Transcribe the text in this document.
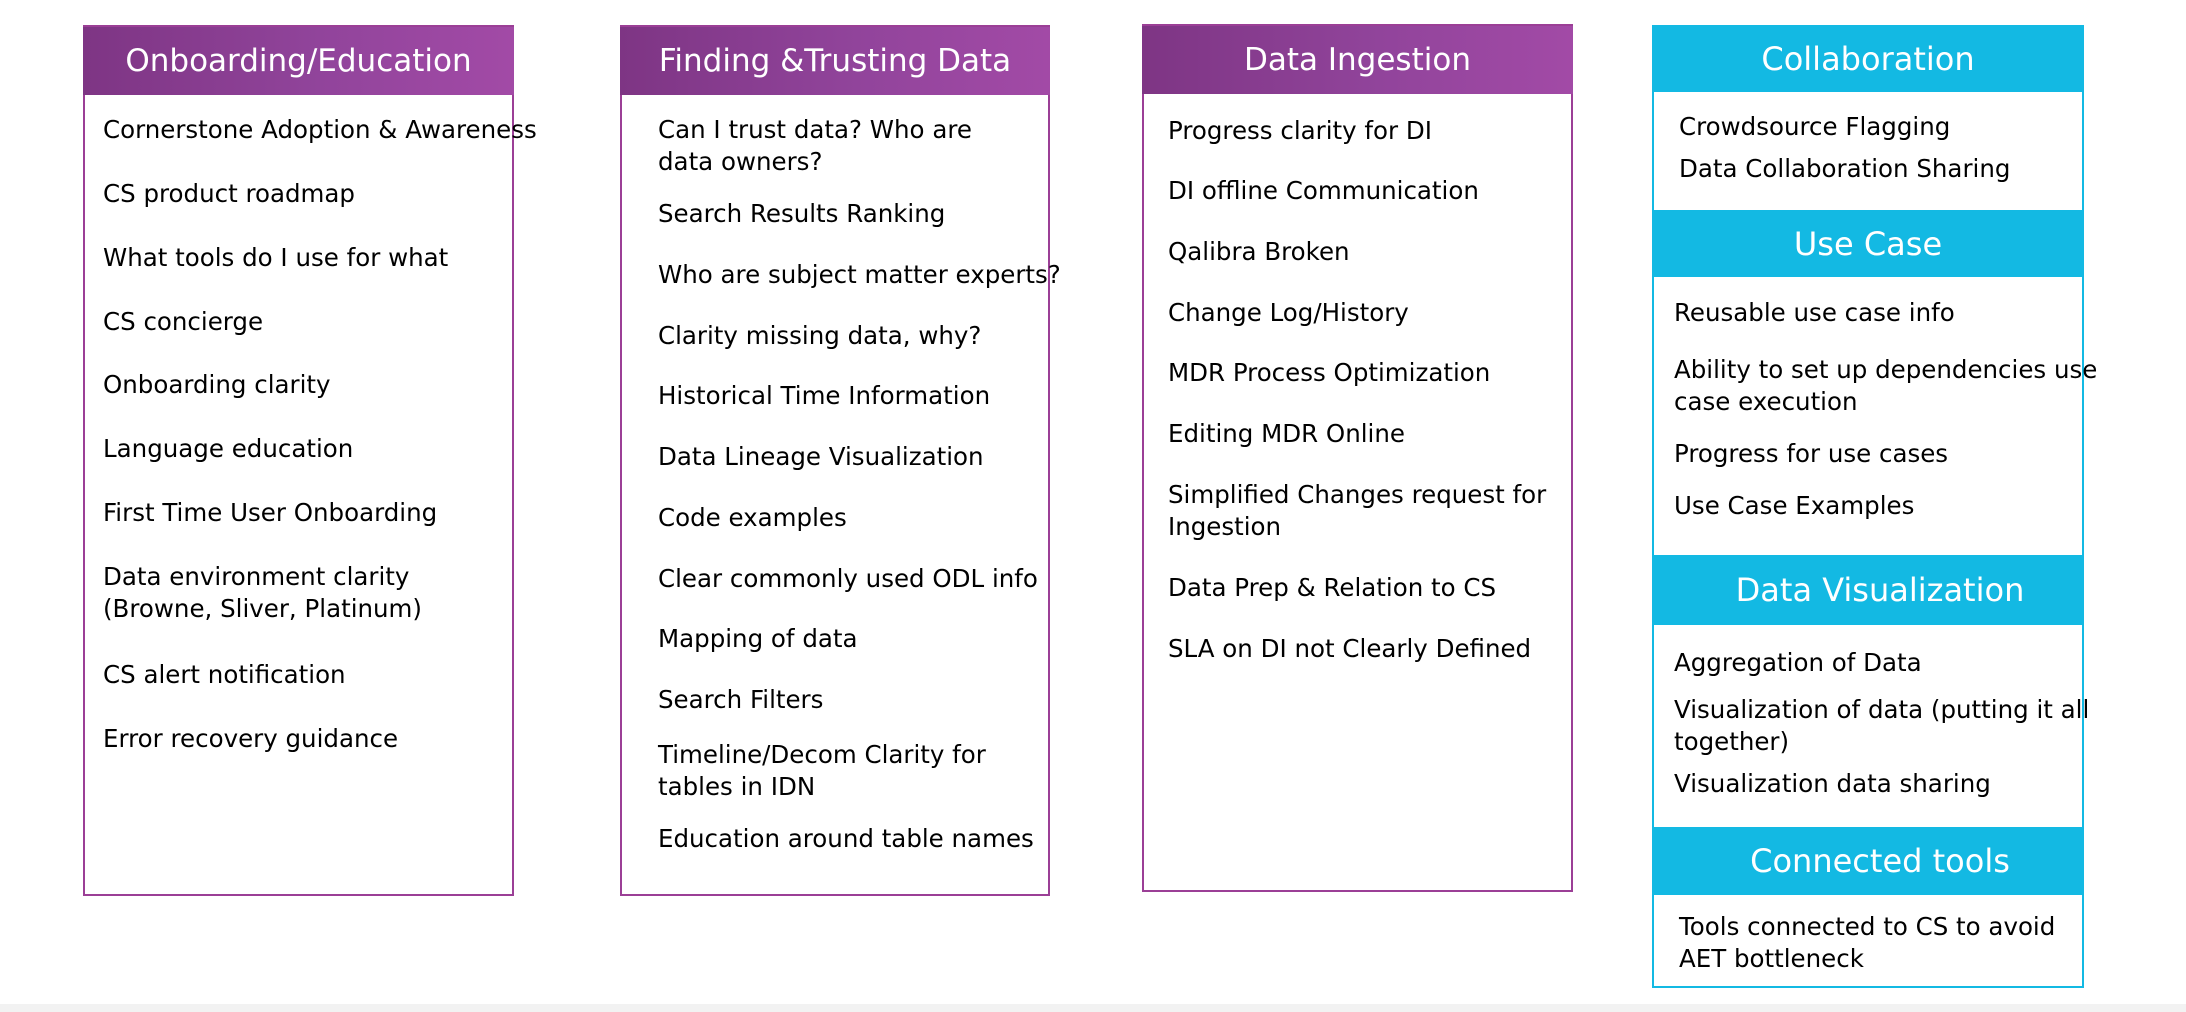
Onboarding/Education
Cornerstone Adoption & Awareness
CS product roadmap
What tools do I use for what
CS concierge
Onboarding clarity
Language education
First Time User Onboarding
Data environment clarity
(Browne, Sliver, Platinum)
CS alert notification
Error recovery guidance
Finding &Trusting Data
Can I trust data? Who are
data owners?
Search Results Ranking
Who are subject matter experts?
Clarity missing data, why?
Historical Time Information
Data Lineage Visualization
Code examples
Clear commonly used ODL info
Mapping of data
Search Filters
Timeline/Decom Clarity for
tables in IDN
Education around table names
Data Ingestion
Progress clarity for DI
DI offline Communication
Qalibra Broken
Change Log/History
MDR Process Optimization
Editing MDR Online
Simplified Changes request for
Ingestion
Data Prep & Relation to CS
SLA on DI not Clearly Defined
Collaboration
Crowdsource Flagging
Data Collaboration Sharing
Use Case
Reusable use case info
Ability to set up dependencies use
case execution
Progress for use cases
Use Case Examples
Data Visualization
Aggregation of Data
Visualization of data (putting it all
together)
Visualization data sharing
Connected tools
Tools connected to CS to avoid
AET bottleneck
